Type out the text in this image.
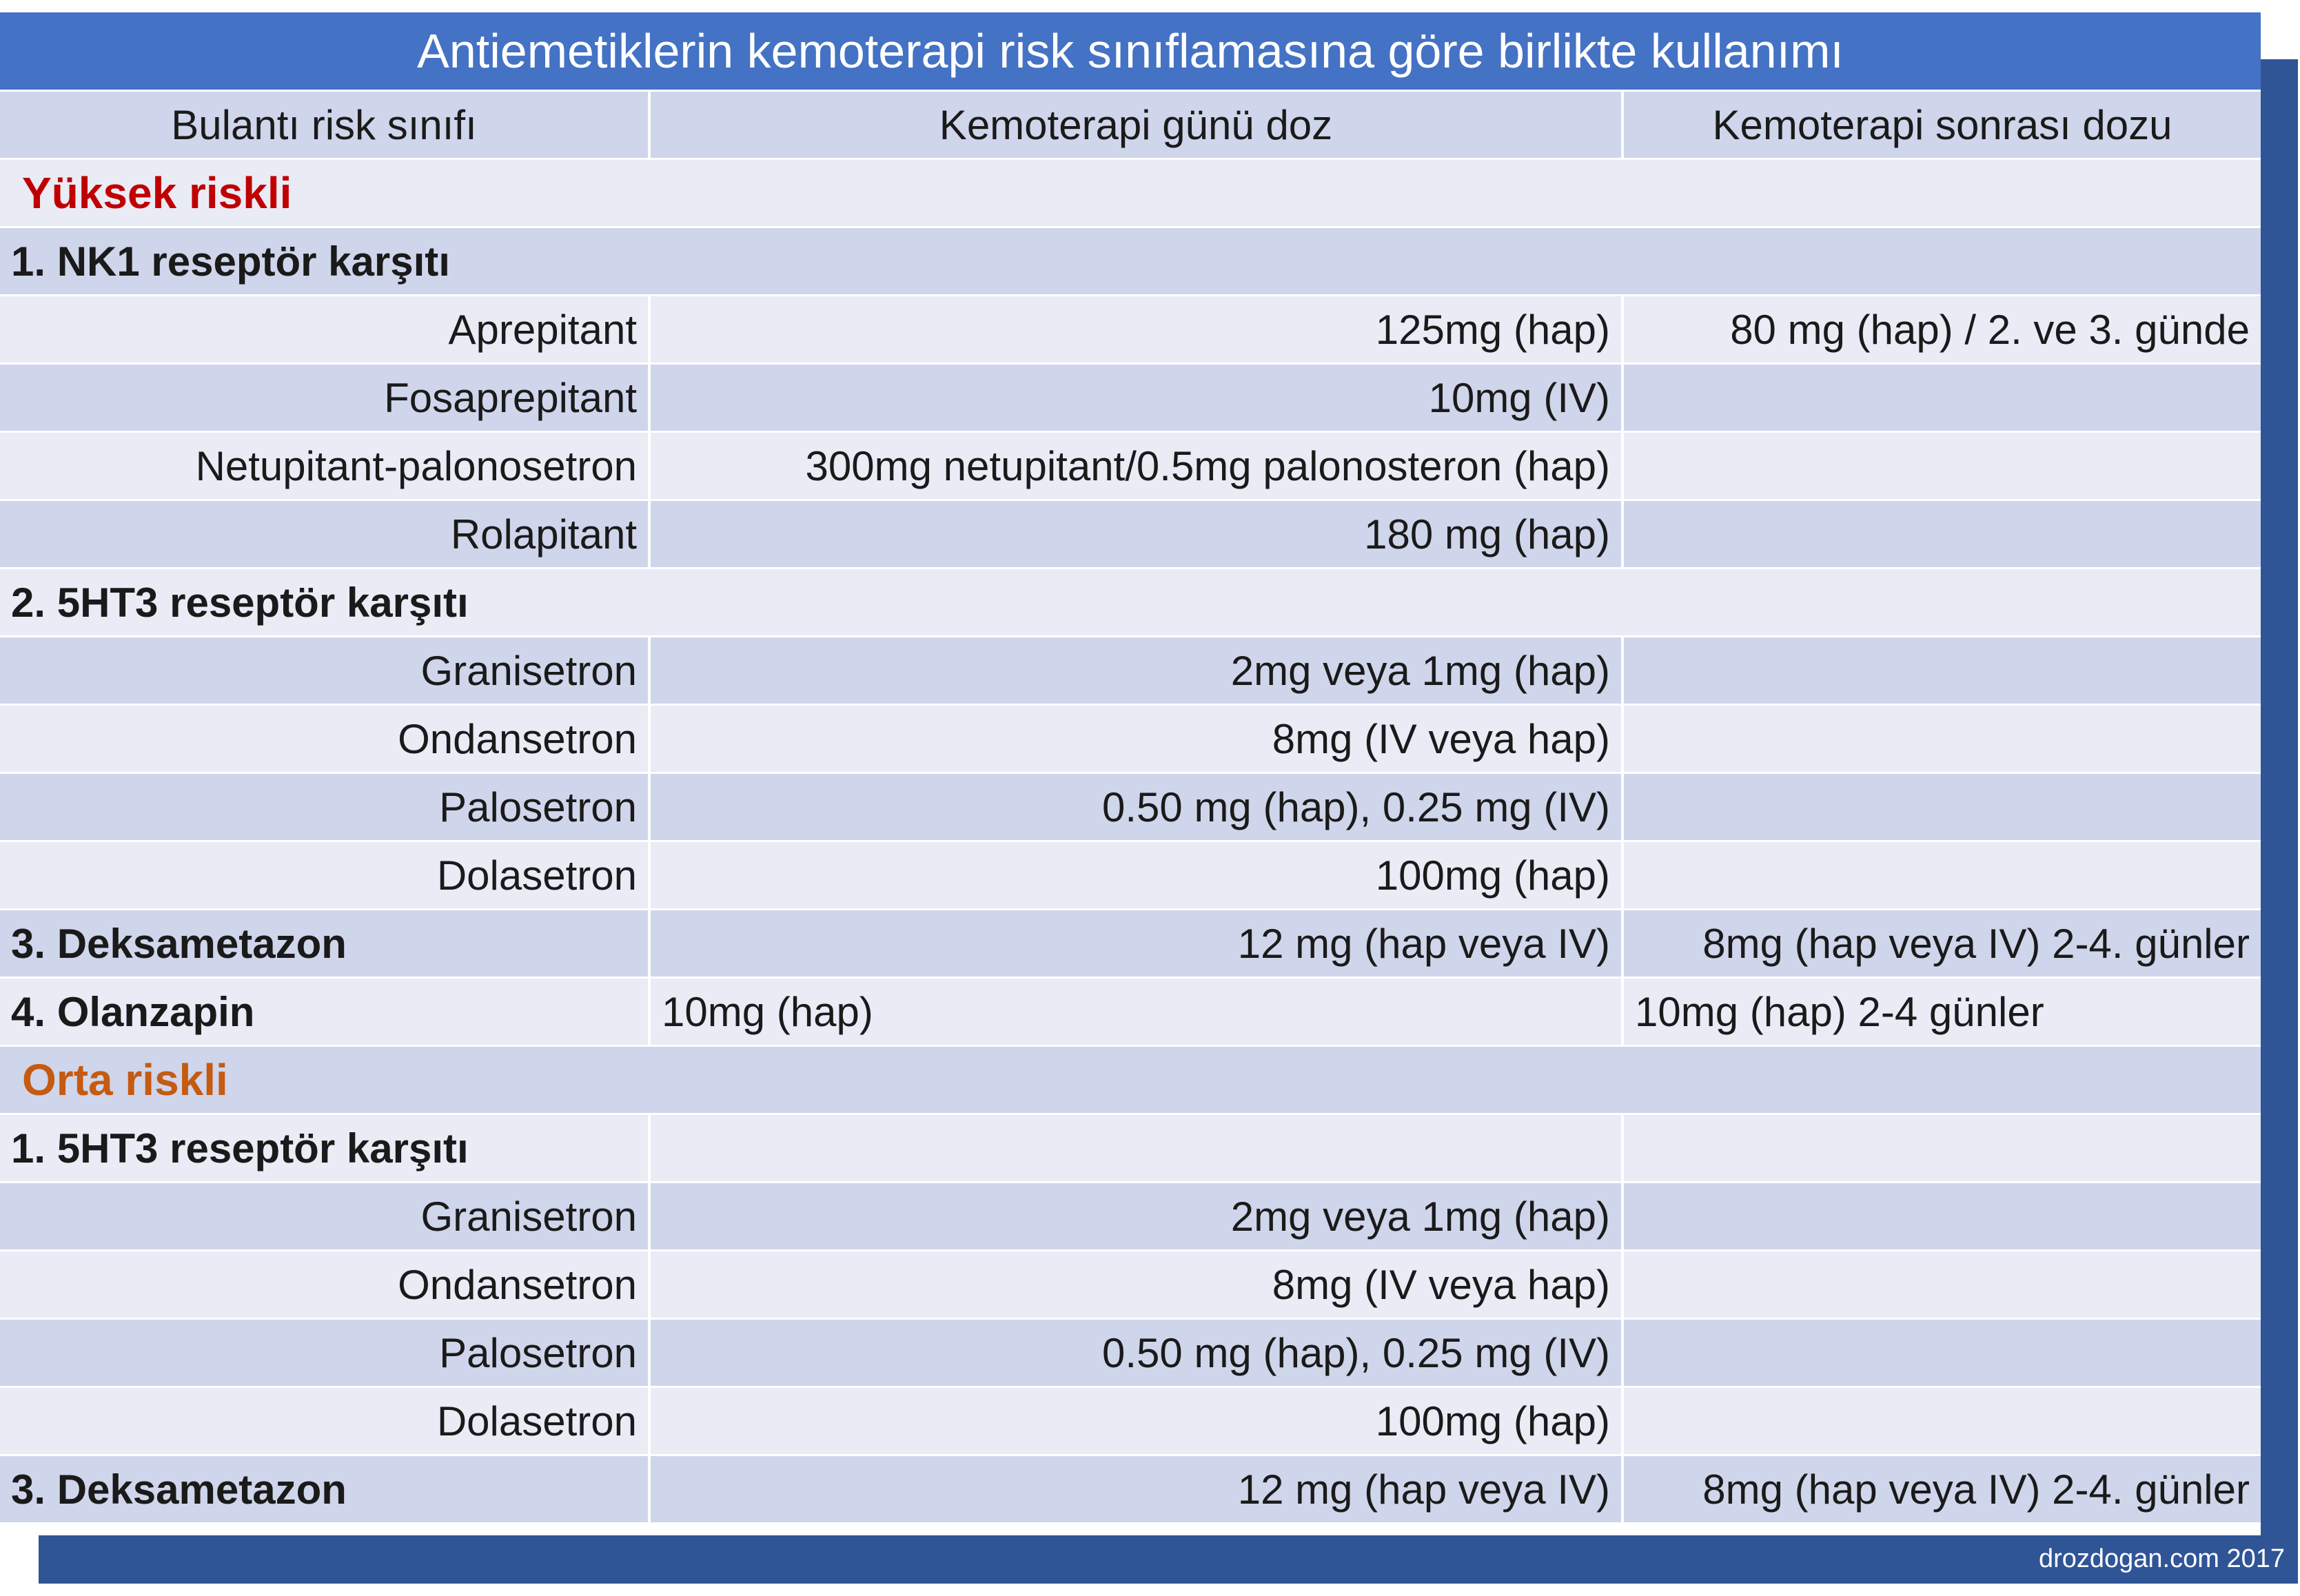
drozdogan.com 2017
Antiemetiklerin kemoterapi risk sınıflamasına göre birlikte kullanımı
Bulantı risk sınıfı	Kemoterapi günü doz	Kemoterapi sonrası dozu
Yüksek riskli
1. NK1 reseptör karşıtı
Aprepitant	125mg (hap)	80 mg (hap) / 2. ve 3. günde
Fosaprepitant	10mg (IV)
Netupitant-palonosetron	300mg netupitant/0.5mg palonosteron (hap)
Rolapitant	180 mg (hap)
2. 5HT3 reseptör karşıtı
Granisetron	2mg veya 1mg (hap)
Ondansetron	8mg (IV veya hap)
Palosetron	0.50 mg (hap), 0.25 mg (IV)
Dolasetron	100mg (hap)
3. Deksametazon	12 mg (hap veya IV)	8mg (hap veya IV) 2-4. günler
4. Olanzapin	10mg (hap)	10mg (hap) 2-4 günler
Orta riskli
1. 5HT3 reseptör karşıtı
Granisetron	2mg veya 1mg (hap)
Ondansetron	8mg (IV veya hap)
Palosetron	0.50 mg (hap), 0.25 mg (IV)
Dolasetron	100mg (hap)
3. Deksametazon	12 mg (hap veya IV)	8mg (hap veya IV) 2-4. günler
